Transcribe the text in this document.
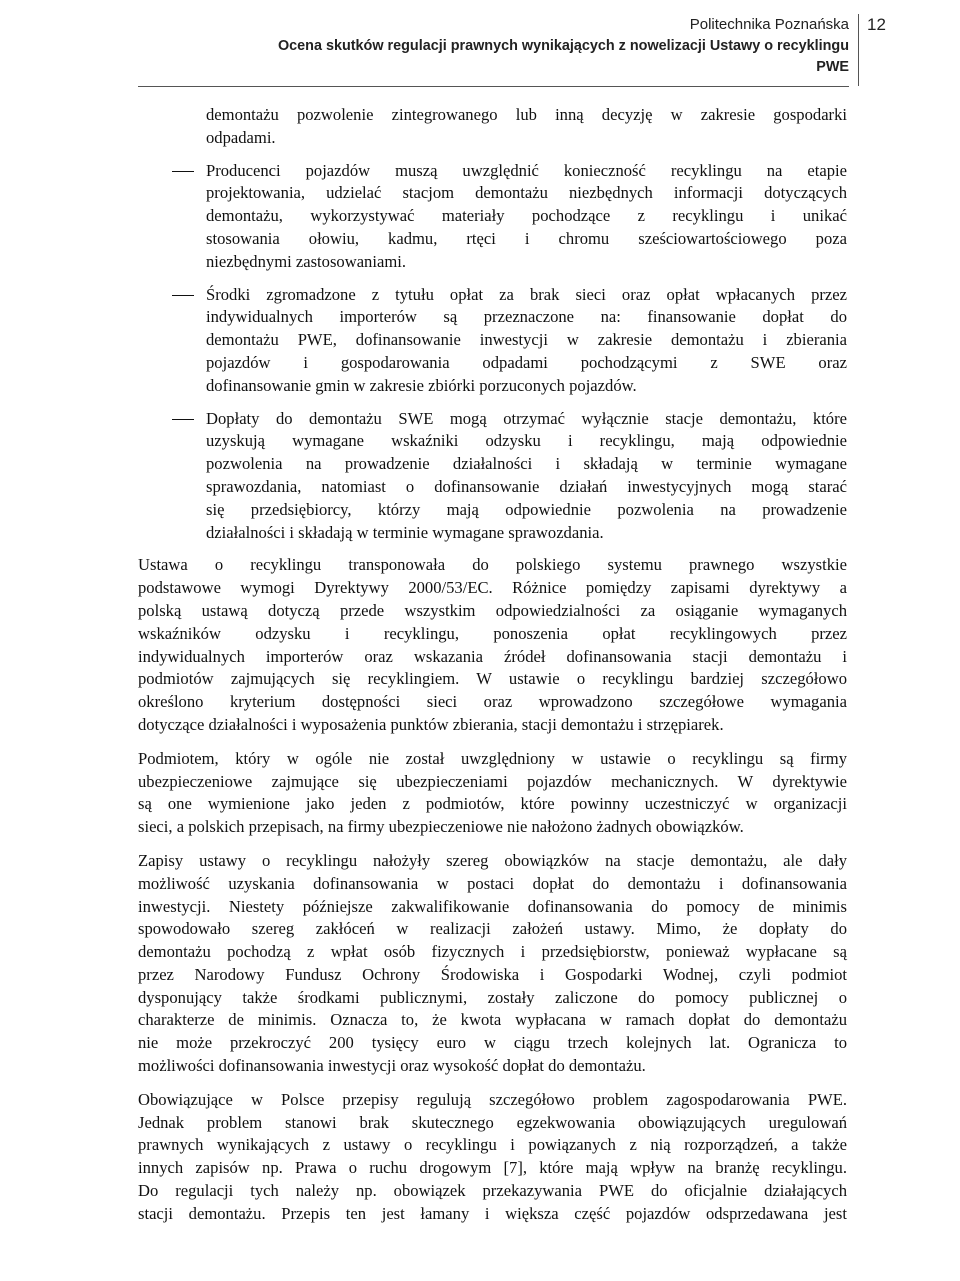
Politechnika Poznańska
Ocena skutków regulacji prawnych wynikających z nowelizacji Ustawy o recyklingu
PWE
12
demontażu pozwolenie zintegrowanego lub inną decyzję w zakresie gospodarki
odpadami.
Producenci pojazdów muszą uwzględnić konieczność recyklingu na etapie
projektowania, udzielać stacjom demontażu niezbędnych informacji dotyczących
demontażu, wykorzystywać materiały pochodzące z recyklingu i unikać
stosowania ołowiu, kadmu, rtęci i chromu sześciowartościowego poza
niezbędnymi zastosowaniami.
Środki zgromadzone z tytułu opłat za brak sieci oraz opłat wpłacanych przez
indywidualnych importerów są przeznaczone na: finansowanie dopłat do
demontażu PWE, dofinansowanie inwestycji w zakresie demontażu i zbierania
pojazdów i gospodarowania odpadami pochodzącymi z SWE oraz
dofinansowanie gmin w zakresie zbiórki porzuconych pojazdów.
Dopłaty do demontażu SWE mogą otrzymać wyłącznie stacje demontażu, które
uzyskują wymagane wskaźniki odzysku i recyklingu, mają odpowiednie
pozwolenia na prowadzenie działalności i składają w terminie wymagane
sprawozdania, natomiast o dofinansowanie działań inwestycyjnych mogą starać
się przedsiębiorcy, którzy mają odpowiednie pozwolenia na prowadzenie
działalności i składają w terminie wymagane sprawozdania.

Ustawa o recyklingu transponowała do polskiego systemu prawnego wszystkie
podstawowe wymogi Dyrektywy 2000/53/EC. Różnice pomiędzy zapisami dyrektywy a
polską ustawą dotyczą przede wszystkim odpowiedzialności za osiąganie wymaganych
wskaźników odzysku i recyklingu, ponoszenia opłat recyklingowych przez
indywidualnych importerów oraz wskazania źródeł dofinansowania stacji demontażu i
podmiotów zajmujących się recyklingiem. W ustawie o recyklingu bardziej szczegółowo
określono kryterium dostępności sieci oraz wprowadzono szczegółowe wymagania
dotyczące działalności i wyposażenia punktów zbierania, stacji demontażu i strzępiarek.

Podmiotem, który w ogóle nie został uwzględniony w ustawie o recyklingu są firmy
ubezpieczeniowe zajmujące się ubezpieczeniami pojazdów mechanicznych. W dyrektywie
są one wymienione jako jeden z podmiotów, które powinny uczestniczyć w organizacji
sieci, a polskich przepisach, na firmy ubezpieczeniowe nie nałożono żadnych obowiązków.

Zapisy ustawy o recyklingu nałożyły szereg obowiązków na stacje demontażu, ale dały
możliwość uzyskania dofinansowania w postaci dopłat do demontażu i dofinansowania
inwestycji. Niestety późniejsze zakwalifikowanie dofinansowania do pomocy de minimis
spowodowało szereg zakłóceń w realizacji założeń ustawy. Mimo, że dopłaty do
demontażu pochodzą z wpłat osób fizycznych i przedsiębiorstw, ponieważ wypłacane są
przez Narodowy Fundusz Ochrony Środowiska i Gospodarki Wodnej, czyli podmiot
dysponujący także środkami publicznymi, zostały zaliczone do pomocy publicznej o
charakterze de minimis. Oznacza to, że kwota wypłacana w ramach dopłat do demontażu
nie może przekroczyć 200 tysięcy euro w ciągu trzech kolejnych lat. Ogranicza to
możliwości dofinansowania inwestycji oraz wysokość dopłat do demontażu.

Obowiązujące w Polsce przepisy regulują szczegółowo problem zagospodarowania PWE.
Jednak problem stanowi brak skutecznego egzekwowania obowiązujących uregulowań
prawnych wynikających z ustawy o recyklingu i powiązanych z nią rozporządzeń, a także
innych zapisów np. Prawa o ruchu drogowym [7], które mają wpływ na branżę recyklingu.
Do regulacji tych należy np. obowiązek przekazywania PWE do oficjalnie działających
stacji demontażu. Przepis ten jest łamany i większa część pojazdów odsprzedawana jest
